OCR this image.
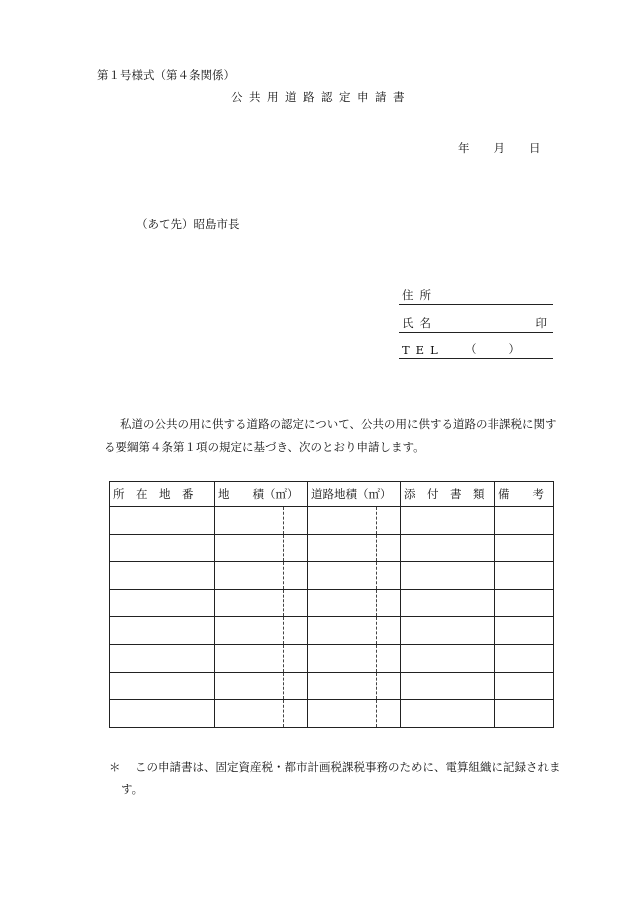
第１号様式（第４条関係）
公共用道路認定申請書
年 月 日
（あて先）昭島市長
住所
氏名	印
TEL （　　）

私道の公共の用に供する道路の認定について、公共の用に供する道路の非課税に関す

る要綱第４条第１項の規定に基づき、次のとおり申請します。

所　在　地　番	地　　積（㎡）	道路地積（㎡）	添　付　書　類	備　　考

＊ この申請書は、固定資産税・都市計画税課税事務のために、電算組織に記録されま
す。
